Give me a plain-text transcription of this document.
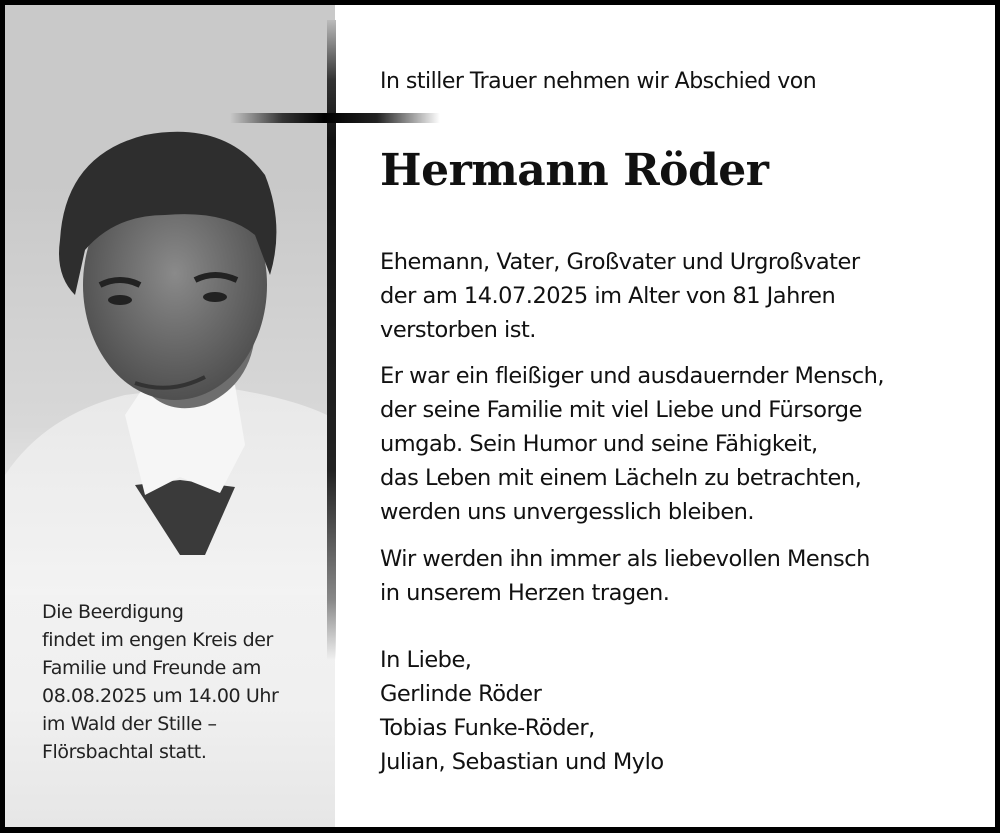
Die Beerdigung
findet im engen Kreis der
Familie und Freunde am
08.08.2025 um 14.00 Uhr
im Wald der Stille –
Flörsbachtal statt.
In stiller Trauer nehmen wir Abschied von
Hermann Röder
Ehemann, Vater, Großvater und Urgroßvater
der am 14.07.2025 im Alter von 81 Jahren
verstorben ist.
Er war ein fleißiger und ausdauernder Mensch,
der seine Familie mit viel Liebe und Fürsorge
umgab. Sein Humor und seine Fähigkeit,
das Leben mit einem Lächeln zu betrachten,
werden uns unvergesslich bleiben.
Wir werden ihn immer als liebevollen Mensch
in unserem Herzen tragen.
In Liebe,
Gerlinde Röder
Tobias Funke-Röder,
Julian, Sebastian und Mylo
